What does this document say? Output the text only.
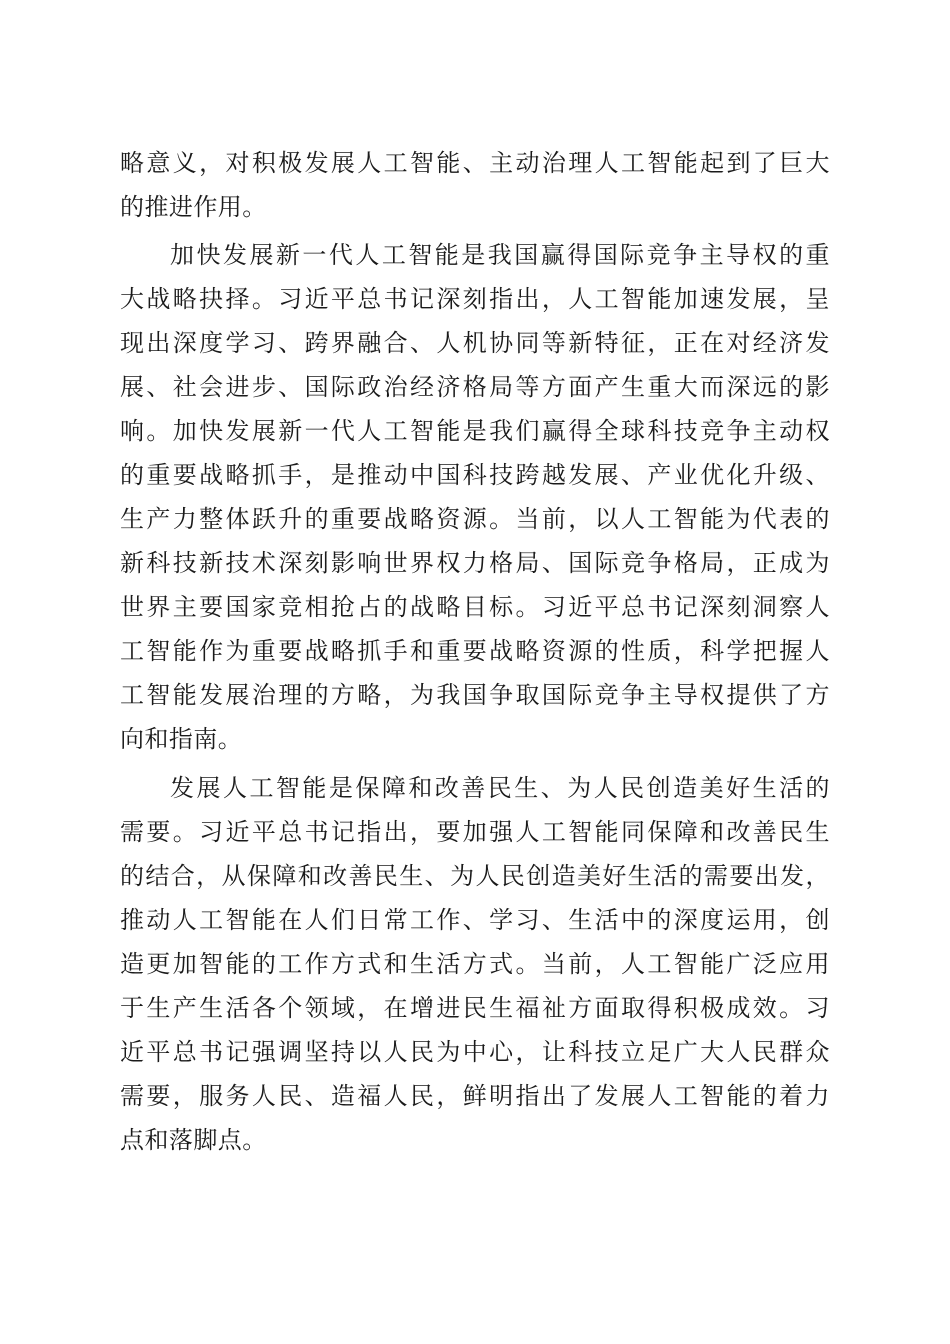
略意义，对积极发展人工智能、主动治理人工智能起到了巨大
的推进作用。
加快发展新一代人工智能是我国赢得国际竞争主导权的重
大战略抉择。习近平总书记深刻指出，人工智能加速发展，呈
现出深度学习、跨界融合、人机协同等新特征，正在对经济发
展、社会进步、国际政治经济格局等方面产生重大而深远的影
响。加快发展新一代人工智能是我们赢得全球科技竞争主动权
的重要战略抓手，是推动中国科技跨越发展、产业优化升级、
生产力整体跃升的重要战略资源。当前，以人工智能为代表的
新科技新技术深刻影响世界权力格局、国际竞争格局，正成为
世界主要国家竞相抢占的战略目标。习近平总书记深刻洞察人
工智能作为重要战略抓手和重要战略资源的性质，科学把握人
工智能发展治理的方略，为我国争取国际竞争主导权提供了方
向和指南。
发展人工智能是保障和改善民生、为人民创造美好生活的
需要。习近平总书记指出，要加强人工智能同保障和改善民生
的结合，从保障和改善民生、为人民创造美好生活的需要出发，
推动人工智能在人们日常工作、学习、生活中的深度运用，创
造更加智能的工作方式和生活方式。当前，人工智能广泛应用
于生产生活各个领域，在增进民生福祉方面取得积极成效。习
近平总书记强调坚持以人民为中心，让科技立足广大人民群众
需要，服务人民、造福人民，鲜明指出了发展人工智能的着力
点和落脚点。
